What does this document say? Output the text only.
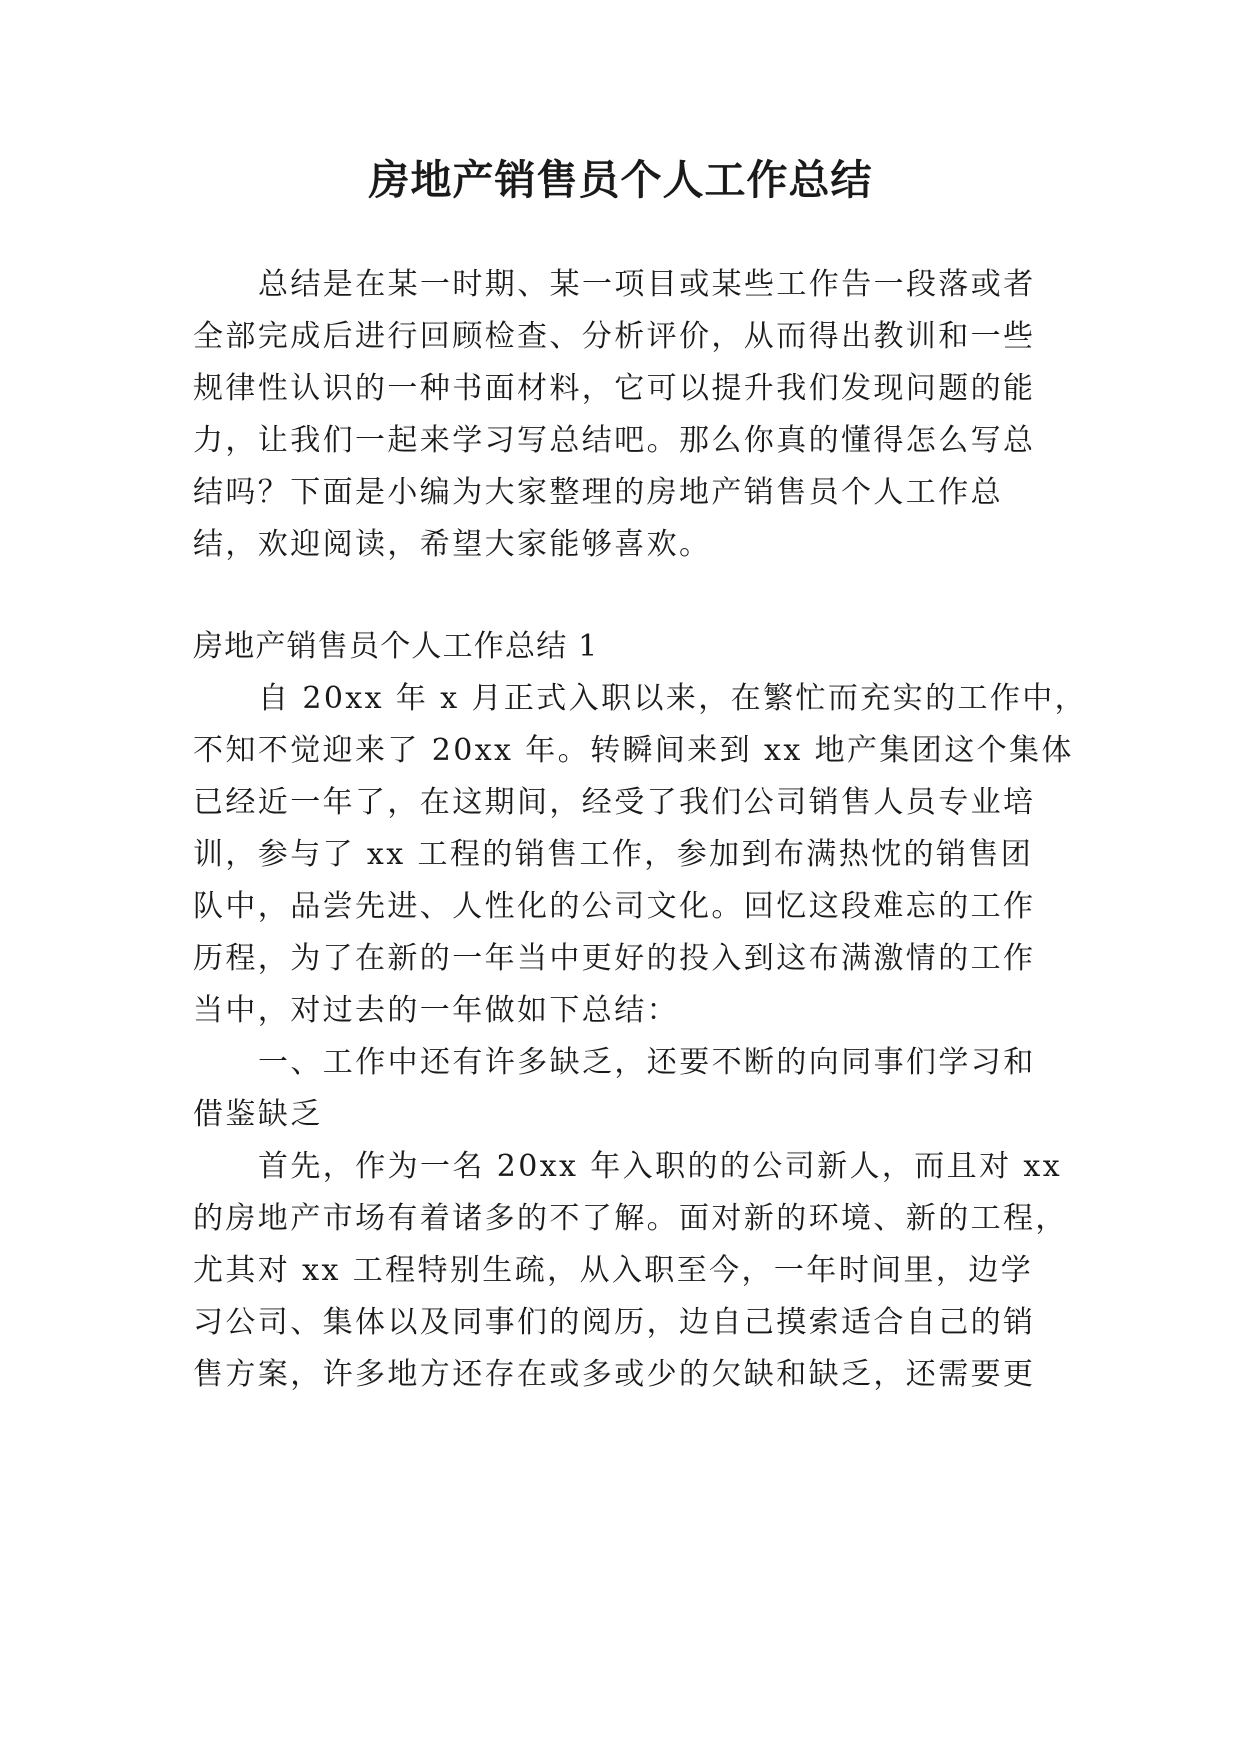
房地产销售员个人工作总结

总结是在某一时期、某一项目或某些工作告一段落或者

全部完成后进行回顾检查、分析评价，从而得出教训和一些

规律性认识的一种书面材料，它可以提升我们发现问题的能

力，让我们一起来学习写总结吧。那么你真的懂得怎么写总

结吗？下面是小编为大家整理的房地产销售员个人工作总

结，欢迎阅读，希望大家能够喜欢。

房地产销售员个人工作总结 1

自 20xx 年 x 月正式入职以来，在繁忙而充实的工作中，

不知不觉迎来了 20xx 年。转瞬间来到 xx 地产集团这个集体

已经近一年了，在这期间，经受了我们公司销售人员专业培

训，参与了 xx 工程的销售工作，参加到布满热忱的销售团

队中，品尝先进、人性化的公司文化。回忆这段难忘的工作

历程，为了在新的一年当中更好的投入到这布满激情的工作

当中，对过去的一年做如下总结：

一、工作中还有许多缺乏，还要不断的向同事们学习和

借鉴缺乏

首先，作为一名 20xx 年入职的的公司新人，而且对 xx

的房地产市场有着诸多的不了解。面对新的环境、新的工程，

尤其对 xx 工程特别生疏，从入职至今，一年时间里，边学

习公司、集体以及同事们的阅历，边自己摸索适合自己的销

售方案，许多地方还存在或多或少的欠缺和缺乏，还需要更
